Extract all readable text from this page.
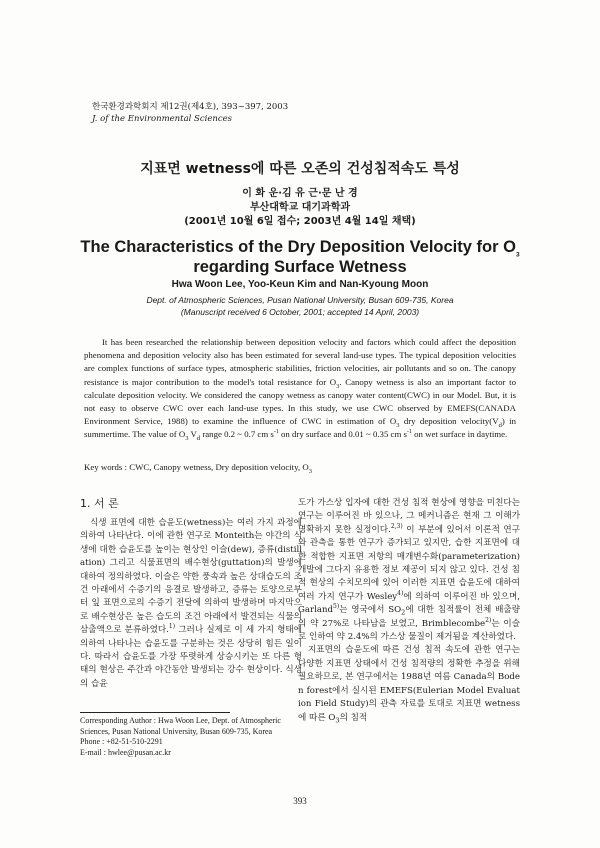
한국환경과학회지 제12권(제4호), 393~397, 2003
J. of the Environmental Sciences
지표면 wetness에 따른 오존의 건성침적속도 특성
이 화 운·김 유 근·문 난 경
부산대학교 대기과학과
(2001년 10월 6일 접수; 2003년 4월 14일 채택)
The Characteristics of the Dry Deposition Velocity for $O_3$
regarding Surface Wetness
Hwa Woon Lee, Yoo-Keun Kim and Nan-Kyoung Moon
Dept. of Atmospheric Sciences, Pusan National University, Busan 609-735, Korea
(Manuscript received 6 October, 2001; accepted 14 April, 2003)

It has been researched the relationship between deposition velocity and factors which could affect the deposition phenomena and deposition velocity also has been estimated for several land-use types. The typical deposition velocities are complex functions of surface types, atmospheric stabilities, friction velocities, air pollutants and so on. The canopy resistance is major contribution to the model's total resistance for $O_3$. Canopy wetness is also an important factor to calculate deposition velocity. We considered the canopy wetness as canopy water content(CWC) in our Model. But, it is not easy to observe CWC over each land-use types. In this study, we use CWC observed by EMEFS(CANADA Environment Service, 1988) to examine the influence of CWC in estimation of $O_3$ dry deposition $velocity(V_d)$ in summertime. The value of $O_3$ $V_d$ range 0.2 ~ 0.7 cm $s^{-1}$ on dry surface and 0.01 ~ 0.35 cm $s^{-1}$ on wet surface in daytime.

Key words : CWC, Canopy wetness, Dry deposition velocity, $O_3$
1. 서 론

식생 표면에 대한 습윤도(wetness)는 여러 가지 과정에 의하여 나타난다. 이에 관한 연구로 Monteith는 야간의 식생에 대한 습윤도를 높이는 현상인 이슬(dew), 증류(distillation) 그리고 식물표면의 배수현상(guttation)의 발생에 대하여 정의하였다. 이슬은 약한 풍속과 높은 상대습도의 조건 아래에서 수증기의 응결로 발생하고, 증류는 토양으로부터 잎 표면으로의 수증기 전달에 의하여 발생하며 마지막으로 배수현상은 높은 습도의 조건 아래에서 발견되는 식물의 삼출액으로 분류하였다.$^{1)}$ 그러나 실제로 이 세 가지 형태에 의하여 나타나는 습윤도를 구분하는 것은 상당히 힘든 일이다. 따라서 습윤도를 가장 뚜렷하게 상승시키는 또 다른 형태의 현상은 주간과 야간동안 발생되는 강수 현상이다. 식생의 습윤

도가 가스상 입자에 대한 건성 침적 현상에 영향을 미친다는 연구는 이루어진 바 있으나, 그 메커니즘은 현재 그 이해가 명확하지 못한 실정이다.$^{2,3)}$ 이 부분에 있어서 이론적 연구와 관측을 통한 연구가 증가되고 있지만, 습한 지표면에 대한 적합한 지표면 저항의 매개변수화(parameterization) 개발에 그다지 유용한 정보 제공이 되지 않고 있다. 건성 침적 현상의 수치모의에 있어 이러한 지표면 습윤도에 대하여 여러 가지 연구가 Wesley$^{4)}$에 의하여 이루어진 바 있으며, Garland$^{5)}$는 영국에서 $SO_2$에 대한 침적률이 전체 배출량의 약 27%로 나타남을 보였고, Brimblecombe$^{2)}$는 이슬로 인하여 약 2.4%의 가스상 물질이 제거됨을 계산하였다.

지표면의 습윤도에 따른 건성 침적 속도에 관한 연구는 다양한 지표면 상태에서 건성 침적량의 정확한 추정을 위해 필요하므로, 본 연구에서는 1988년 여름 Canada의 Boden forest에서 실시된 EMEFS(Eulerian Model Evaluation Field Study)의 관측 자료를 토대로 지표면 wetness에 따른 $O_3$의 침적

Corresponding Author : Hwa Woon Lee, Dept. of Atmospheric Sciences, Pusan National University, Busan 609-735, Korea
Phone : +82-51-510-2291
E-mail : hwlee@pusan.ac.kr
393
